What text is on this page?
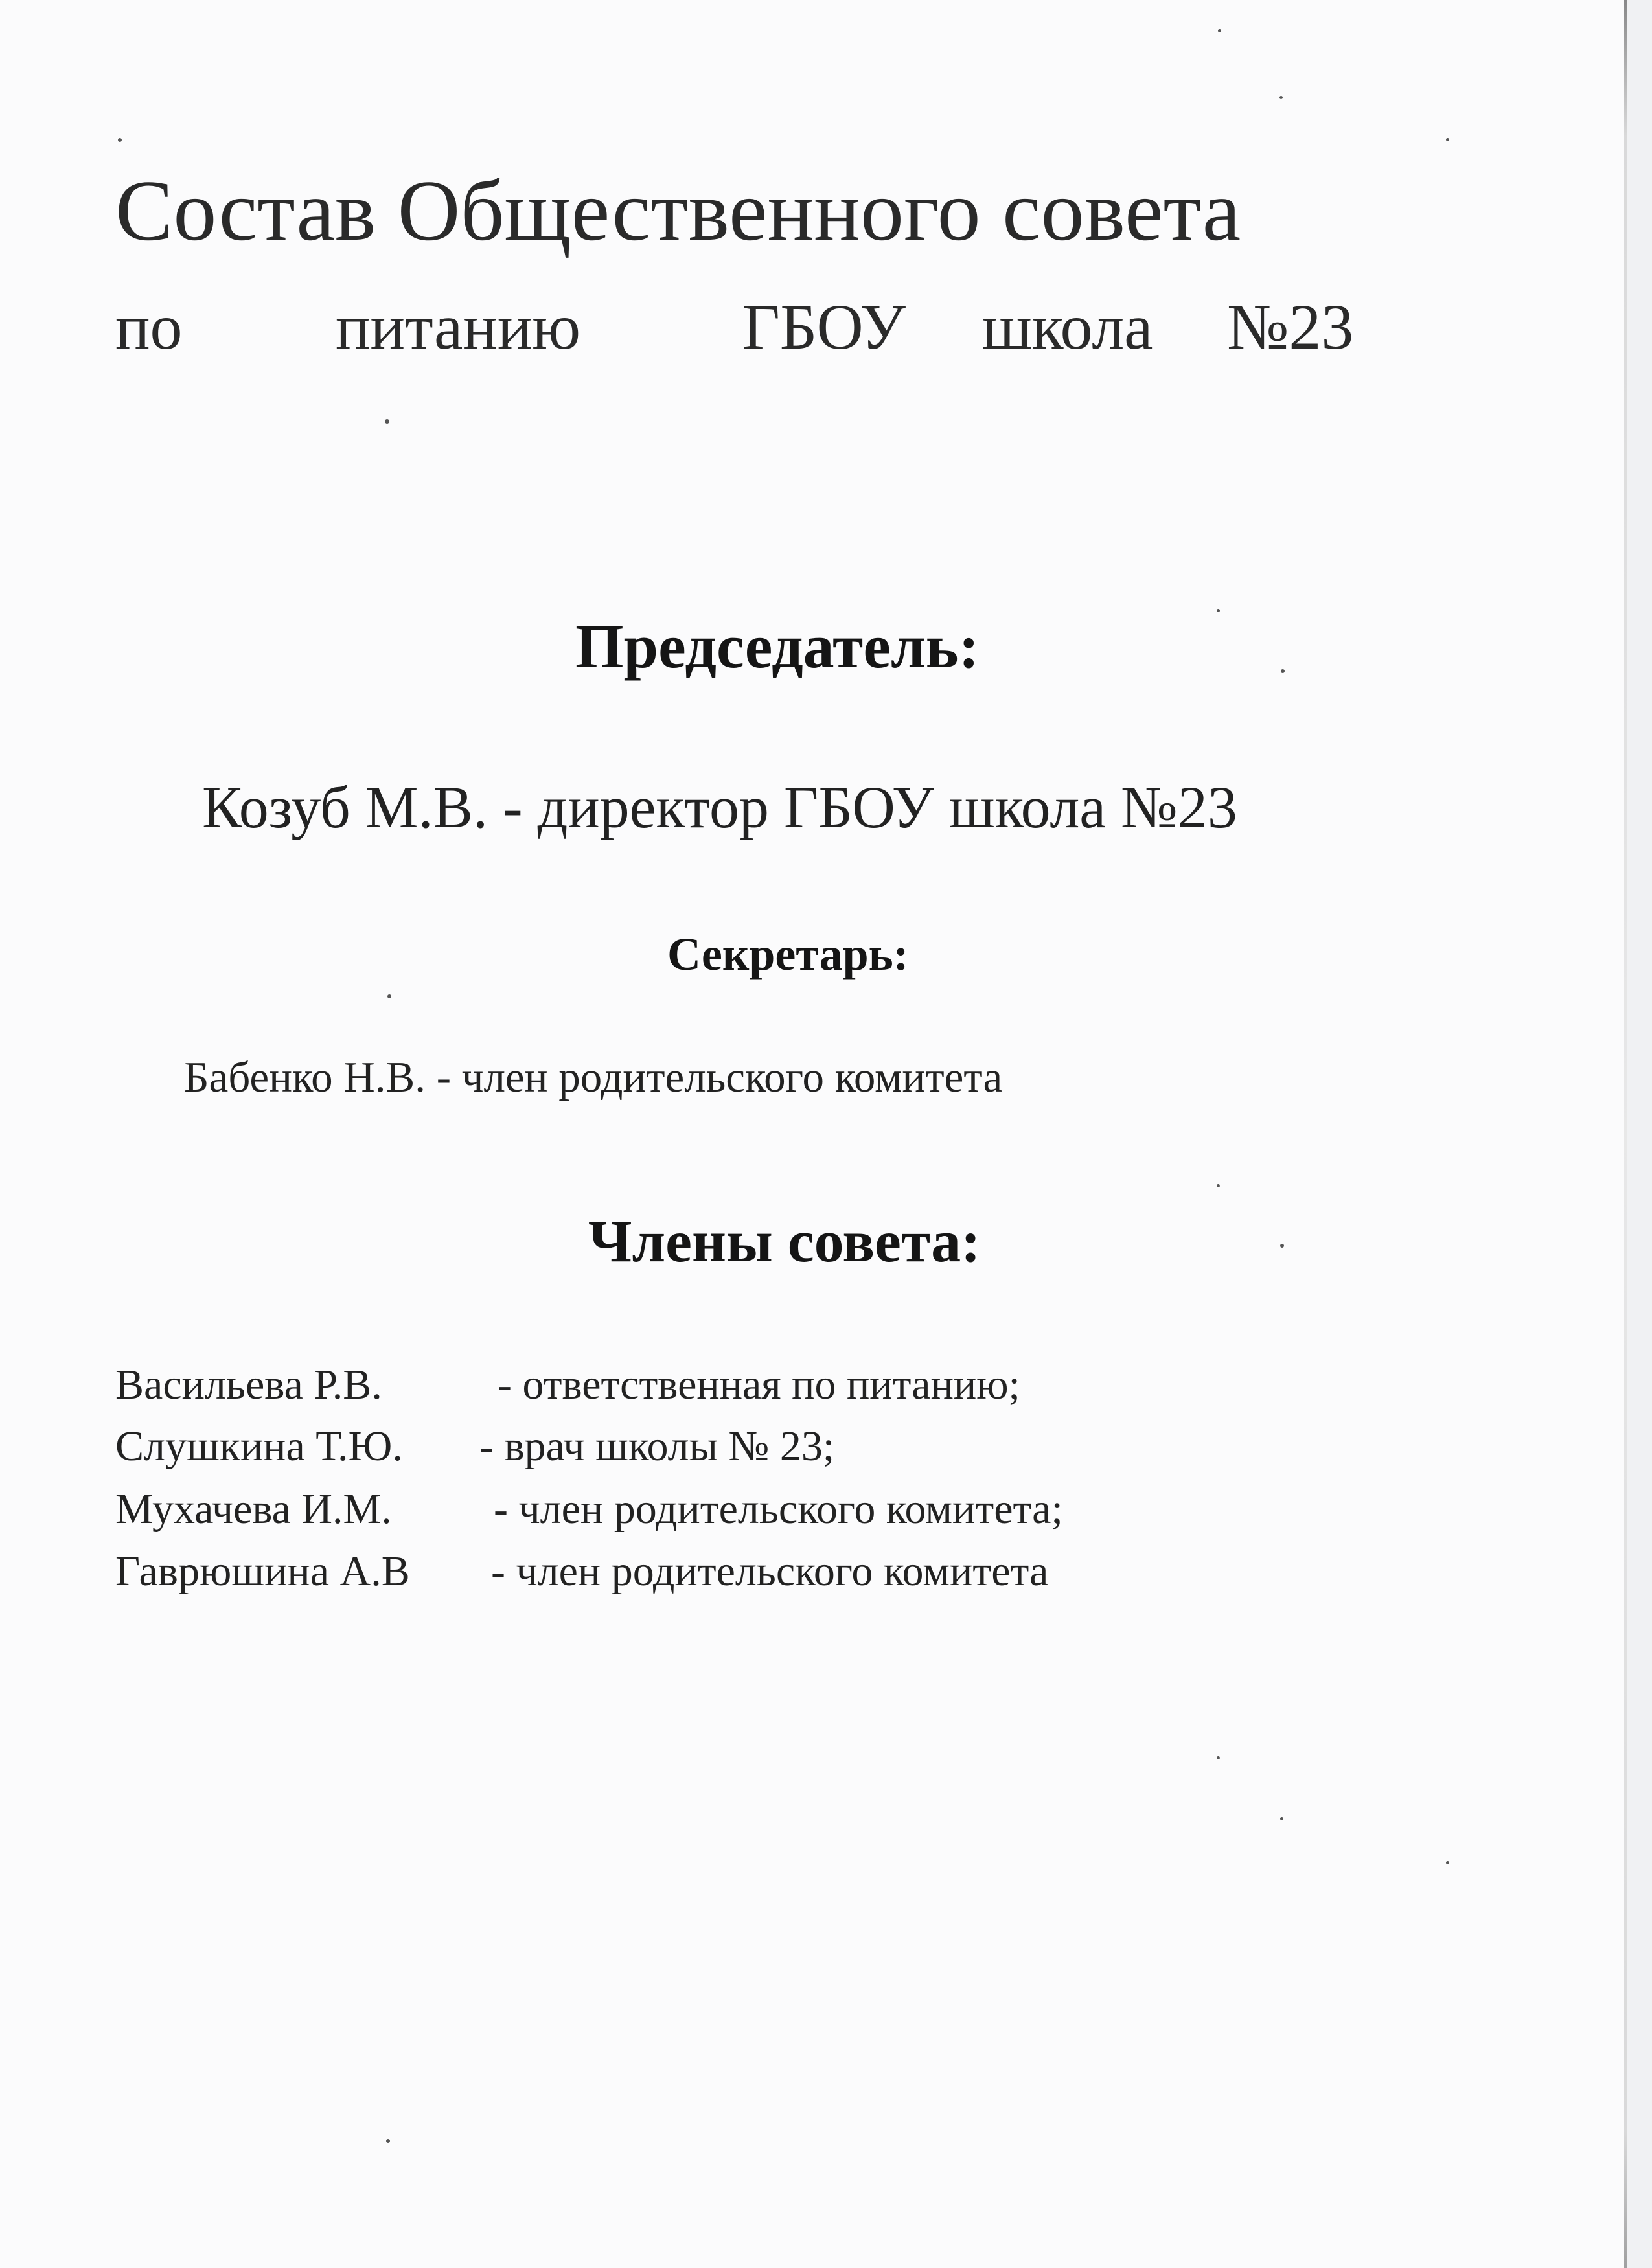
Состав Общественного совета
по питанию ГБОУ школа №23
Председатель:
Козуб М.В. - директор ГБОУ школа №23
Секретарь:
Бабенко Н.В. - член родительского комитета
Члены совета:
Васильева Р.В.	- ответственная по питанию;
Слушкина Т.Ю. - врач школы № 23;
Мухачева И.М. - член родительского комитета;
Гаврюшина А.В - член родительского комитета
